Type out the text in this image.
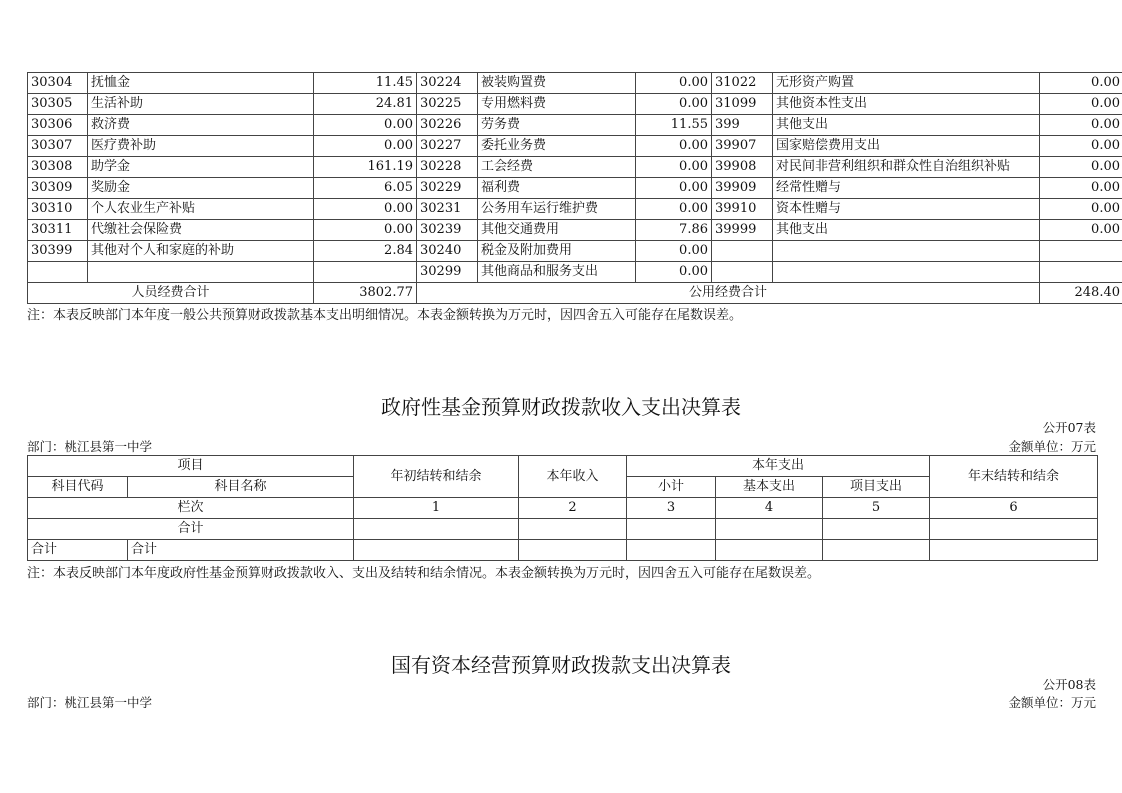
30304	抚恤金	11.45	30224	被装购置费	0.00	31022	无形资产购置	0.00
30305	生活补助	24.81	30225	专用燃料费	0.00	31099	其他资本性支出	0.00
30306	救济费	0.00	30226	劳务费	11.55	399	其他支出	0.00
30307	医疗费补助	0.00	30227	委托业务费	0.00	39907	国家赔偿费用支出	0.00
30308	助学金	161.19	30228	工会经费	0.00	39908	对民间非营利组织和群众性自治组织补贴	0.00
30309	奖励金	6.05	30229	福利费	0.00	39909	经常性赠与	0.00
30310	个人农业生产补贴	0.00	30231	公务用车运行维护费	0.00	39910	资本性赠与	0.00
30311	代缴社会保险费	0.00	30239	其他交通费用	7.86	39999	其他支出	0.00
30399	其他对个人和家庭的补助	2.84	30240	税金及附加费用	0.00			
			30299	其他商品和服务支出	0.00			
人员经费合计		3802.77	公用经费合计					248.40
注：本表反映部门本年度一般公共预算财政拨款基本支出明细情况。本表金额转换为万元时，因四舍五入可能存在尾数误差。
政府性基金预算财政拨款收入支出决算表
公开07表
部门：桃江县第一中学	金额单位：万元
项目		年初结转和结余	本年收入	本年支出			年末结转和结余
科目代码	科目名称			小计	基本支出	项目支出	
栏次		1	2	3	4	5	6
合计							
合计	合计						
注：本表反映部门本年度政府性基金预算财政拨款收入、支出及结转和结余情况。本表金额转换为万元时，因四舍五入可能存在尾数误差。
国有资本经营预算财政拨款支出决算表
公开08表
部门：桃江县第一中学	金额单位：万元
